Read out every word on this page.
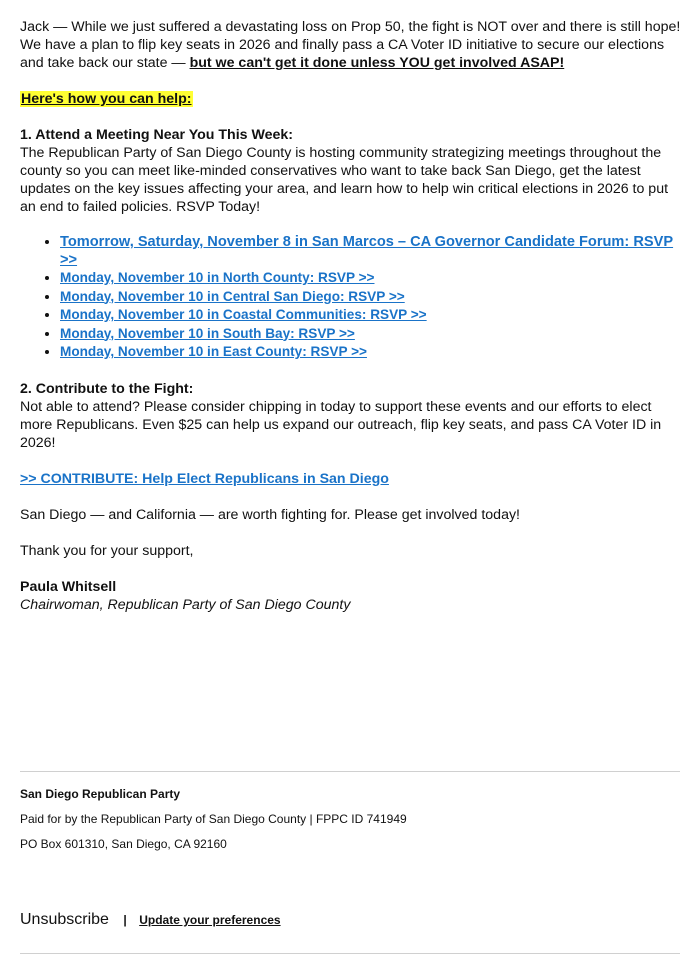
Jack — While we just suffered a devastating loss on Prop 50, the fight is NOT over and there is still hope! We have a plan to flip key seats in 2026 and finally pass a CA Voter ID initiative to secure our elections and take back our state — but we can't get it done unless YOU get involved ASAP!

Here's how you can help:

1. Attend a Meeting Near You This Week:

The Republican Party of San Diego County is hosting community strategizing meetings throughout the county so you can meet like-minded conservatives who want to take back San Diego, get the latest updates on the key issues affecting your area, and learn how to help win critical elections in 2026 to put an end to failed policies. RSVP Today!

• Tomorrow, Saturday, November 8 in San Marcos – CA Governor Candidate Forum: RSVP >>
• Monday, November 10 in North County: RSVP >>
• Monday, November 10 in Central San Diego: RSVP >>
• Monday, November 10 in Coastal Communities: RSVP >>
• Monday, November 10 in South Bay: RSVP >>
• Monday, November 10 in East County: RSVP >>

2. Contribute to the Fight:

Not able to attend? Please consider chipping in today to support these events and our efforts to elect more Republicans. Even $25 can help us expand our outreach, flip key seats, and pass CA Voter ID in 2026!

>> CONTRIBUTE: Help Elect Republicans in San Diego

San Diego — and California — are worth fighting for. Please get involved today!

Thank you for your support,

Paula Whitsell

Chairwoman, Republican Party of San Diego County

San Diego Republican Party
Paid for by the Republican Party of San Diego County | FPPC ID 741949
PO Box 601310, San Diego, CA 92160
Unsubscribe | Update your preferences
